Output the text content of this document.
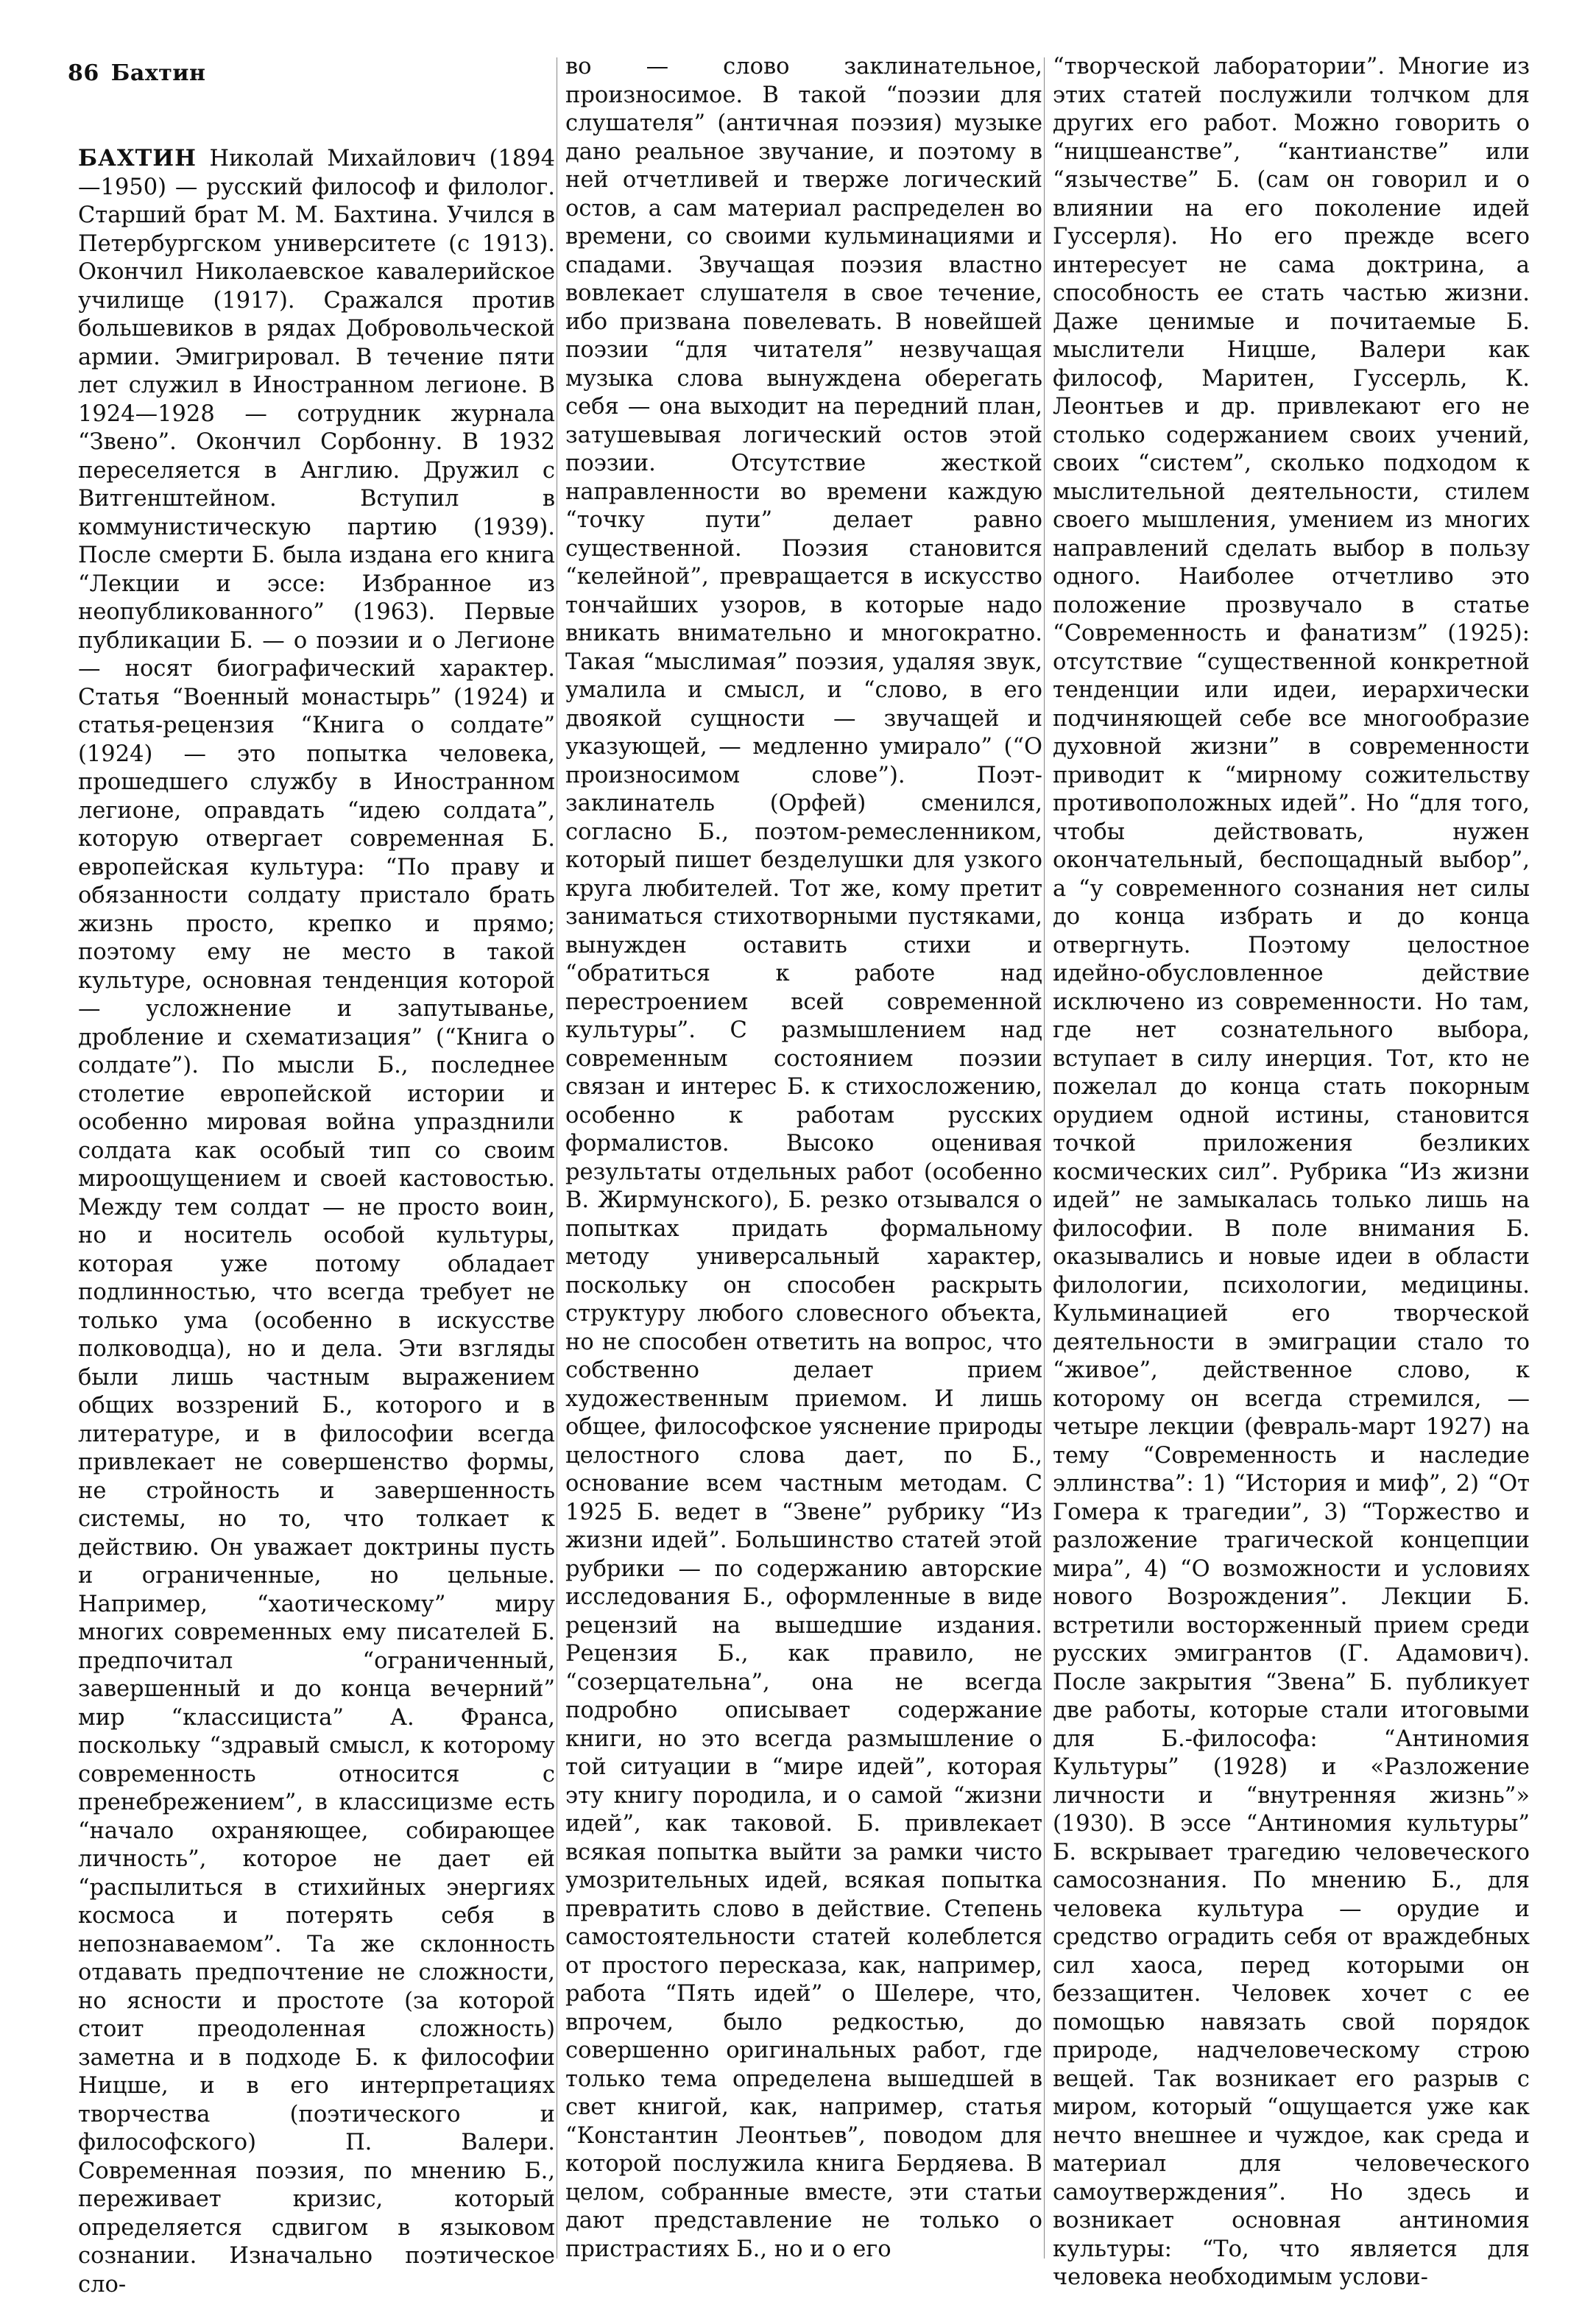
86 Бахтин

БАХТИН Николай Михайлович (1894—1950) — русский философ и филолог. Старший брат М. М. Бахтина. Учился в Петербургском университете (с 1913). Окончил Николаевское кавалерийское училище (1917). Сражался против большевиков в рядах Добровольческой армии. Эмигрировал. В течение пяти лет служил в Иностранном легионе. В 1924—1928 — сотрудник журнала “Звено”. Окончил Сорбонну. В 1932 переселяется в Англию. Дружил с Витгенштейном. Вступил в коммунистическую партию (1939). После смерти Б. была издана его книга “Лекции и эссе: Избранное из неопубликованного” (1963). Первые публикации Б. — о поэзии и о Легионе — носят биографический характер. Статья “Военный монастырь” (1924) и статья-рецензия “Книга о солдате” (1924) — это попытка человека, прошедшего службу в Иностранном легионе, оправдать “идею солдата”, которую отвергает современная Б. европейская культура: “По праву и обязанности солдату пристало брать жизнь просто, крепко и прямо; поэтому ему не место в такой культуре, основная тенденция которой — усложнение и запутыванье, дробление и схематизация” (“Книга о солдате”). По мысли Б., последнее столетие европейской истории и особенно мировая война упразднили солдата как особый тип со своим мироощущением и своей кастовостью. Между тем солдат — не просто воин, но и носитель особой культуры, которая уже потому обладает подлинностью, что всегда требует не только ума (особенно в искусстве полководца), но и дела. Эти взгляды были лишь частным выражением общих воззрений Б., которого и в литературе, и в философии всегда привлекает не совершенство формы, не стройность и завершенность системы, но то, что толкает к действию. Он уважает доктрины пусть и ограниченные, но цельные. Например, “хаотическому” миру многих современных ему писателей Б. предпочитал “ограниченный, завершенный и до конца вечерний” мир “классициста” А. Франса, поскольку “здравый смысл, к которому современность относится с пренебрежением”, в классицизме есть “начало охраняющее, собирающее личность”, которое не дает ей “распылиться в стихийных энергиях космоса и потерять себя в непознаваемом”. Та же склонность отдавать предпочтение не сложности, но ясности и простоте (за которой стоит преодоленная сложность) заметна и в подходе Б. к философии Ницше, и в его интерпретациях творчества (поэтического и философского) П. Валери. Современная поэзия, по мнению Б., переживает кризис, который определяется сдвигом в языковом сознании. Изначально поэтическое сло-

во — слово заклинательное, произносимое. В такой “поэзии для слушателя” (античная поэзия) музыке дано реальное звучание, и поэтому в ней отчетливей и тверже логический остов, а сам материал распределен во времени, со своими кульминациями и спадами. Звучащая поэзия властно вовлекает слушателя в свое течение, ибо призвана повелевать. В новейшей поэзии “для читателя” незвучащая музыка слова вынуждена оберегать себя — она выходит на передний план, затушевывая логический остов этой поэзии. Отсутствие жесткой направленности во времени каждую “точку пути” делает равно существенной. Поэзия становится “келейной”, превращается в искусство тончайших узоров, в которые надо вникать внимательно и многократно. Такая “мыслимая” поэзия, удаляя звук, умалила и смысл, и “слово, в его двоякой сущности — звучащей и указующей, — медленно умирало” (“О произносимом слове”). Поэт-заклинатель (Орфей) сменился, согласно Б., поэтом-ремесленником, который пишет безделушки для узкого круга любителей. Тот же, кому претит заниматься стихотворными пустяками, вынужден оставить стихи и “обратиться к работе над перестроением всей современной культуры”. С размышлением над современным состоянием поэзии связан и интерес Б. к стихосложению, особенно к работам русских формалистов. Высоко оценивая результаты отдельных работ (особенно В. Жирмунского), Б. резко отзывался о попытках придать формальному методу универсальный характер, поскольку он способен раскрыть структуру любого словесного объекта, но не способен ответить на вопрос, что собственно делает прием художественным приемом. И лишь общее, философское уяснение природы целостного слова дает, по Б., основание всем частным методам. С 1925 Б. ведет в “Звене” рубрику “Из жизни идей”. Большинство статей этой рубрики — по содержанию авторские исследования Б., оформленные в виде рецензий на вышедшие издания. Рецензия Б., как правило, не “созерцательна”, она не всегда подробно описывает содержание книги, но это всегда размышление о той ситуации в “мире идей”, которая эту книгу породила, и о самой “жизни идей”, как таковой. Б. привлекает всякая попытка выйти за рамки чисто умозрительных идей, всякая попытка превратить слово в действие. Степень самостоятельности статей колеблется от простого пересказа, как, например, работа “Пять идей” о Шелере, что, впрочем, было редкостью, до совершенно оригинальных работ, где только тема определена вышедшей в свет книгой, как, например, статья “Константин Леонтьев”, поводом для которой послужила книга Бердяева. В целом, собранные вместе, эти статьи дают представление не только о пристрастиях Б., но и о его

“творческой лаборатории”. Многие из этих статей послужили толчком для других его работ. Можно говорить о “ницшеанстве”, “кантианстве” или “язычестве” Б. (сам он говорил и о влиянии на его поколение идей Гуссерля). Но его прежде всего интересует не сама доктрина, а способность ее стать частью жизни. Даже ценимые и почитаемые Б. мыслители Ницше, Валери как философ, Маритен, Гуссерль, К. Леонтьев и др. привлекают его не столько содержанием своих учений, своих “систем”, сколько подходом к мыслительной деятельности, стилем своего мышления, умением из многих направлений сделать выбор в пользу одного. Наиболее отчетливо это положение прозвучало в статье “Современность и фанатизм” (1925): отсутствие “существенной конкретной тенденции или идеи, иерархически подчиняющей себе все многообразие духовной жизни” в современности приводит к “мирному сожительству противоположных идей”. Но “для того, чтобы действовать, нужен окончательный, беспощадный выбор”, а “у современного сознания нет силы до конца избрать и до конца отвергнуть. Поэтому целостное идейно-обусловленное действие исключено из современности. Но там, где нет сознательного выбора, вступает в силу инерция. Тот, кто не пожелал до конца стать покорным орудием одной истины, становится точкой приложения безликих космических сил”. Рубрика “Из жизни идей” не замыкалась только лишь на философии. В поле внимания Б. оказывались и новые идеи в области филологии, психологии, медицины. Кульминацией его творческой деятельности в эмиграции стало то “живое”, действенное слово, к которому он всегда стремился, — четыре лекции (февраль-март 1927) на тему “Современность и наследие эллинства”: 1) “История и миф”, 2) “От Гомера к трагедии”, 3) “Торжество и разложение трагической концепции мира”, 4) “О возможности и условиях нового Возрождения”. Лекции Б. встретили восторженный прием среди русских эмигрантов (Г. Адамович). После закрытия “Звена” Б. публикует две работы, которые стали итоговыми для Б.-философа: “Антиномия Культуры” (1928) и «Разложение личности и “внутренняя жизнь”» (1930). В эссе “Антиномия культуры” Б. вскрывает трагедию человеческого самосознания. По мнению Б., для человека культура — орудие и средство оградить себя от враждебных сил хаоса, перед которыми он беззащитен. Человек хочет с ее помощью навязать свой порядок природе, надчеловеческому строю вещей. Так возникает его разрыв с миром, который “ощущается уже как нечто внешнее и чуждое, как среда и материал для человеческого самоутверждения”. Но здесь и возникает основная антиномия культуры: “То, что является для человека необходимым услови-
